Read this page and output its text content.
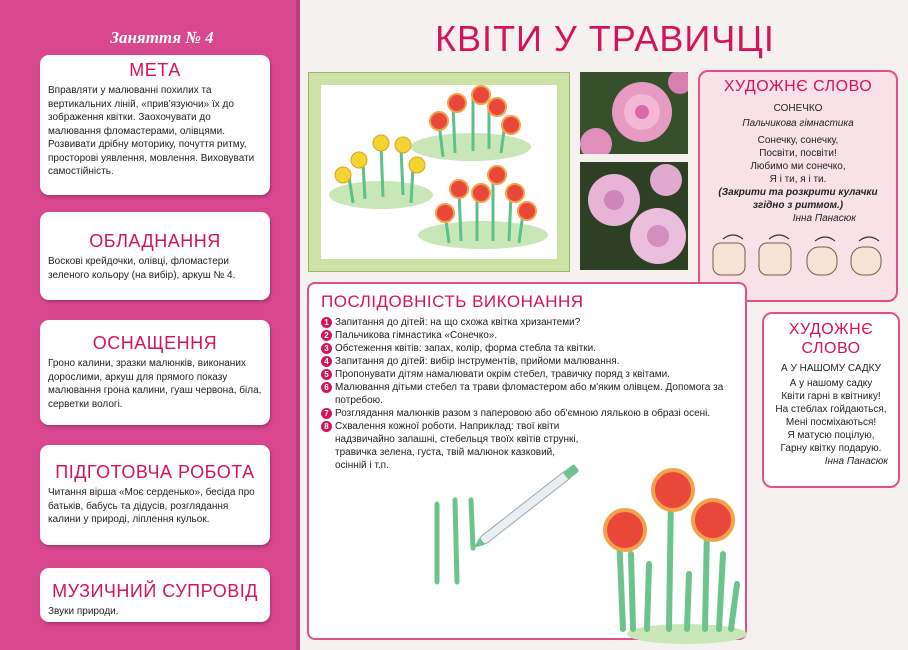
Заняття № 4
МЕТА

Вправляти у малюванні похилих та вертикальних ліній, «прив'язуючи» їх до зображення квітки. Заохочувати до малювання фломастерами, олівцями. Розвивати дрібну моторику, почуття ритму, просторові уявлення, мовлення. Виховувати самостійність.

ОБЛАДНАННЯ

Воскові крейдочки, олівці, фломастери зеленого кольору (на вибір), аркуш № 4.

ОСНАЩЕННЯ

Гроно калини, зразки малюнків, виконаних дорослими, аркуш для прямого показу малювання грона калини, гуаш червона, біла, серветки вологі.

ПІДГОТОВЧА РОБОТА

Читання вірша «Моє серденько», бесіда про батьків, бабусь та дідусів, розглядання калини у природі, ліплення кульок.

МУЗИЧНИЙ СУПРОВІД

Звуки природи.

КВІТИ У ТРАВИЧЦІ
ХУДОЖНЄ СЛОВО
СОНЕЧКО
Пальчикова гімнастика
Сонечку, сонечку,
Посвіти, посвіти!
Любимо ми сонечко,
Я і ти, я і ти.
(Закрити та розкрити кулачки згідно з ритмом.)
Інна Панасюк
ХУДОЖНЄ СЛОВО
А У НАШОМУ САДКУ
А у нашому садку
Квіти гарні в квітнику!
На стеблах гойдаються,
Мені посміхаються!
Я матусю поцілую,
Гарну квітку подарую.
Інна Панасюк
ПОСЛІДОВНІСТЬ ВИКОНАННЯ
1 Запитання до дітей: на що схожа квітка хризантеми?
2 Пальчикова гімнастика «Сонечко».
3 Обстеження квітів: запах, колір, форма стебла та квітки.
4 Запитання до дітей: вибір інструментів, прийоми малювання.
5 Пропонувати дітям намалювати окрім стебел, травичку поряд з квітами.
6 Малювання дітьми стебел та трави фломастером або м'яким олівцем. Допомога за потребою.
7 Розглядання малюнків разом з паперовою або об'ємною лялькою в образі осені.
8 Схвалення кожної роботи. Наприклад: твої квіти надзвичайно запашні, стебельця твоїх квітів стрункі, травичка зелена, густа, твій малюнок казковий, осінній і т.п.
